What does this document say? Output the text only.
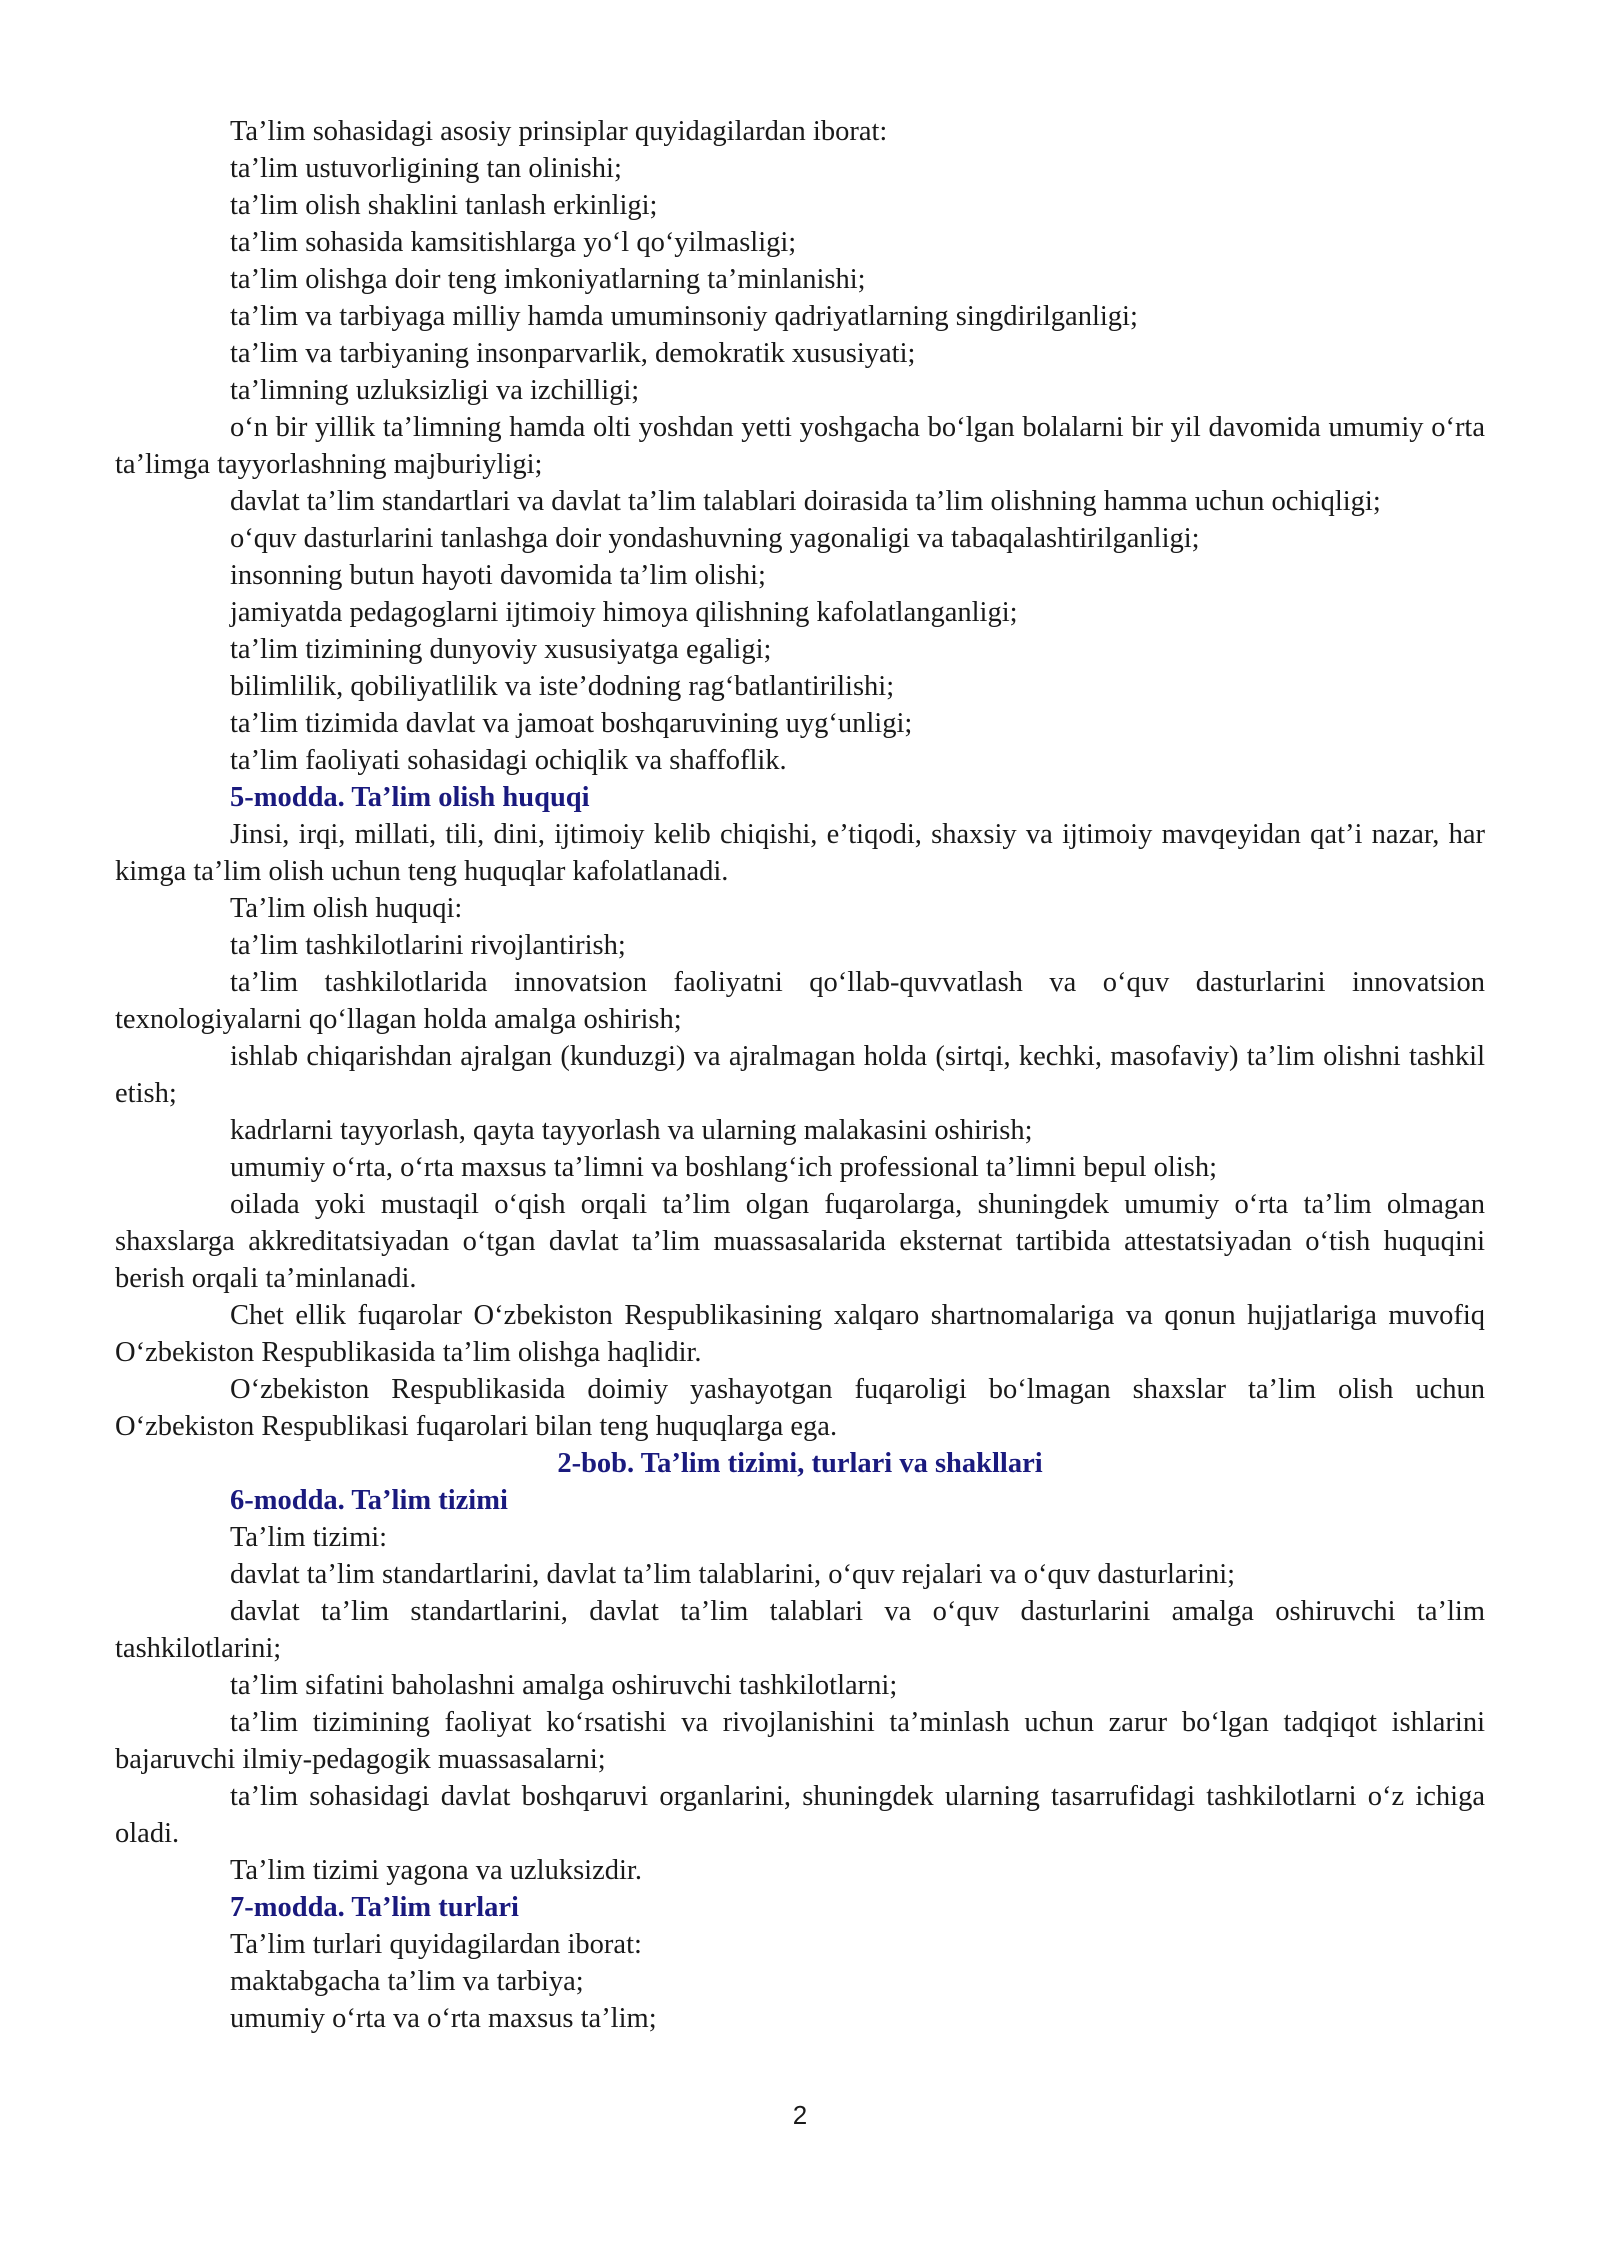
Ta’lim sohasidagi asosiy prinsiplar quyidagilardan iborat:

ta’lim ustuvorligining tan olinishi;

ta’lim olish shaklini tanlash erkinligi;

ta’lim sohasida kamsitishlarga yo‘l qo‘yilmasligi;

ta’lim olishga doir teng imkoniyatlarning ta’minlanishi;

ta’lim va tarbiyaga milliy hamda umuminsoniy qadriyatlarning singdirilganligi;

ta’lim va tarbiyaning insonparvarlik, demokratik xususiyati;

ta’limning uzluksizligi va izchilligi;

o‘n bir yillik ta’limning hamda olti yoshdan yetti yoshgacha bo‘lgan bolalarni bir yil davomida umumiy o‘rta ta’limga tayyorlashning majburiyligi;

davlat ta’lim standartlari va davlat ta’lim talablari doirasida ta’lim olishning hamma uchun ochiqligi;

o‘quv dasturlarini tanlashga doir yondashuvning yagonaligi va tabaqalashtirilganligi;

insonning butun hayoti davomida ta’lim olishi;

jamiyatda pedagoglarni ijtimoiy himoya qilishning kafolatlanganligi;

ta’lim tizimining dunyoviy xususiyatga egaligi;

bilimlilik, qobiliyatlilik va iste’dodning rag‘batlantirilishi;

ta’lim tizimida davlat va jamoat boshqaruvining uyg‘unligi;

ta’lim faoliyati sohasidagi ochiqlik va shaffoflik.

5-modda. Ta’lim olish huquqi

Jinsi, irqi, millati, tili, dini, ijtimoiy kelib chiqishi, e’tiqodi, shaxsiy va ijtimoiy mavqeyidan qat’i nazar, har kimga ta’lim olish uchun teng huquqlar kafolatlanadi.

Ta’lim olish huquqi:

ta’lim tashkilotlarini rivojlantirish;

ta’lim tashkilotlarida innovatsion faoliyatni qo‘llab-quvvatlash va o‘quv dasturlarini innovatsion texnologiyalarni qo‘llagan holda amalga oshirish;

ishlab chiqarishdan ajralgan (kunduzgi) va ajralmagan holda (sirtqi, kechki, masofaviy) ta’lim olishni tashkil etish;

kadrlarni tayyorlash, qayta tayyorlash va ularning malakasini oshirish;

umumiy o‘rta, o‘rta maxsus ta’limni va boshlang‘ich professional ta’limni bepul olish;

oilada yoki mustaqil o‘qish orqali ta’lim olgan fuqarolarga, shuningdek umumiy o‘rta ta’lim olmagan shaxslarga akkreditatsiyadan o‘tgan davlat ta’lim muassasalarida eksternat tartibida attestatsiyadan o‘tish huquqini berish orqali ta’minlanadi.

Chet ellik fuqarolar O‘zbekiston Respublikasining xalqaro shartnomalariga va qonun hujjatlariga muvofiq O‘zbekiston Respublikasida ta’lim olishga haqlidir.

O‘zbekiston Respublikasida doimiy yashayotgan fuqaroligi bo‘lmagan shaxslar ta’lim olish uchun O‘zbekiston Respublikasi fuqarolari bilan teng huquqlarga ega.

2-bob. Ta’lim tizimi, turlari va shakllari

6-modda. Ta’lim tizimi

Ta’lim tizimi:

davlat ta’lim standartlarini, davlat ta’lim talablarini, o‘quv rejalari va o‘quv dasturlarini;

davlat ta’lim standartlarini, davlat ta’lim talablari va o‘quv dasturlarini amalga oshiruvchi ta’lim tashkilotlarini;

ta’lim sifatini baholashni amalga oshiruvchi tashkilotlarni;

ta’lim tizimining faoliyat ko‘rsatishi va rivojlanishini ta’minlash uchun zarur bo‘lgan tadqiqot ishlarini bajaruvchi ilmiy-pedagogik muassasalarni;

ta’lim sohasidagi davlat boshqaruvi organlarini, shuningdek ularning tasarrufidagi tashkilotlarni o‘z ichiga oladi.

Ta’lim tizimi yagona va uzluksizdir.

7-modda. Ta’lim turlari

Ta’lim turlari quyidagilardan iborat:

maktabgacha ta’lim va tarbiya;

umumiy o‘rta va o‘rta maxsus ta’lim;

2
